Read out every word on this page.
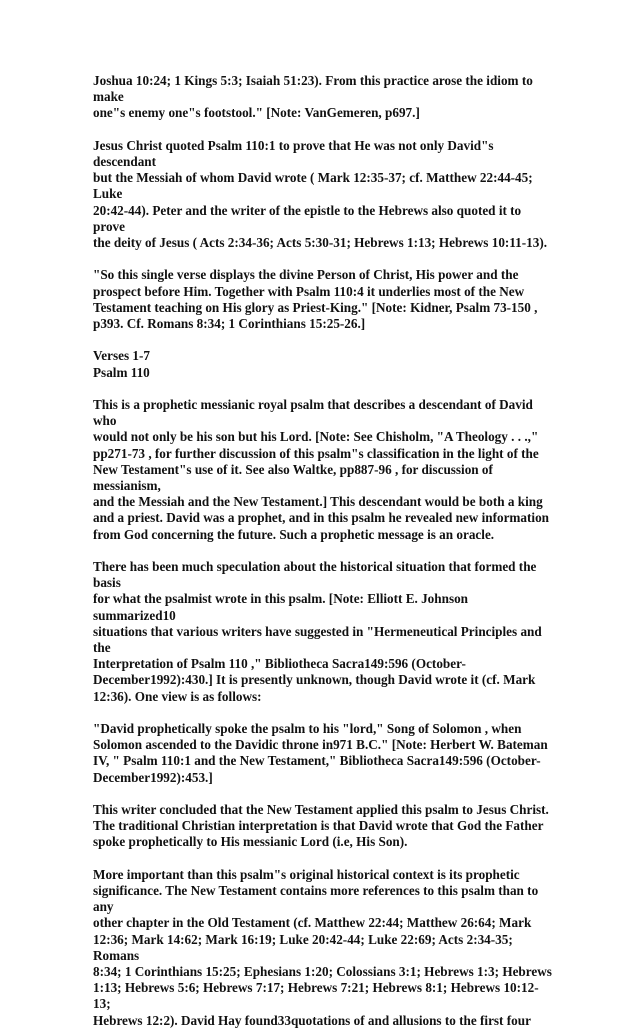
Joshua 10:24; 1 Kings 5:3; Isaiah 51:23). From this practice arose the idiom to make
one"s enemy one"s footstool." [Note: VanGemeren, p697.]

Jesus Christ quoted Psalm 110:1 to prove that He was not only David"s descendant
but the Messiah of whom David wrote ( Mark 12:35-37; cf. Matthew 22:44-45; Luke
20:42-44). Peter and the writer of the epistle to the Hebrews also quoted it to prove
the deity of Jesus ( Acts 2:34-36; Acts 5:30-31; Hebrews 1:13; Hebrews 10:11-13).

"So this single verse displays the divine Person of Christ, His power and the
prospect before Him. Together with Psalm 110:4 it underlies most of the New
Testament teaching on His glory as Priest-King." [Note: Kidner, Psalm 73-150 ,
p393. Cf. Romans 8:34; 1 Corinthians 15:25-26.]

Verses 1-7
Psalm 110

This is a prophetic messianic royal psalm that describes a descendant of David who
would not only be his son but his Lord. [Note: See Chisholm, "A Theology . . .,"
pp271-73 , for further discussion of this psalm"s classification in the light of the
New Testament"s use of it. See also Waltke, pp887-96 , for discussion of messianism,
and the Messiah and the New Testament.] This descendant would be both a king
and a priest. David was a prophet, and in this psalm he revealed new information
from God concerning the future. Such a prophetic message is an oracle.

There has been much speculation about the historical situation that formed the basis
for what the psalmist wrote in this psalm. [Note: Elliott E. Johnson summarized10
situations that various writers have suggested in "Hermeneutical Principles and the
Interpretation of Psalm 110 ," Bibliotheca Sacra149:596 (October-
December1992):430.] It is presently unknown, though David wrote it (cf. Mark
12:36). One view is as follows:

"David prophetically spoke the psalm to his "lord," Song of Solomon , when
Solomon ascended to the Davidic throne in971 B.C." [Note: Herbert W. Bateman
IV, " Psalm 110:1 and the New Testament," Bibliotheca Sacra149:596 (October-
December1992):453.]

This writer concluded that the New Testament applied this psalm to Jesus Christ.
The traditional Christian interpretation is that David wrote that God the Father
spoke prophetically to His messianic Lord (i.e, His Son).

More important than this psalm"s original historical context is its prophetic
significance. The New Testament contains more references to this psalm than to any
other chapter in the Old Testament (cf. Matthew 22:44; Matthew 26:64; Mark
12:36; Mark 14:62; Mark 16:19; Luke 20:42-44; Luke 22:69; Acts 2:34-35; Romans
8:34; 1 Corinthians 15:25; Ephesians 1:20; Colossians 3:1; Hebrews 1:3; Hebrews
1:13; Hebrews 5:6; Hebrews 7:17; Hebrews 7:21; Hebrews 8:1; Hebrews 10:12-13;
Hebrews 12:2). David Hay found33quotations of and allusions to the first four
